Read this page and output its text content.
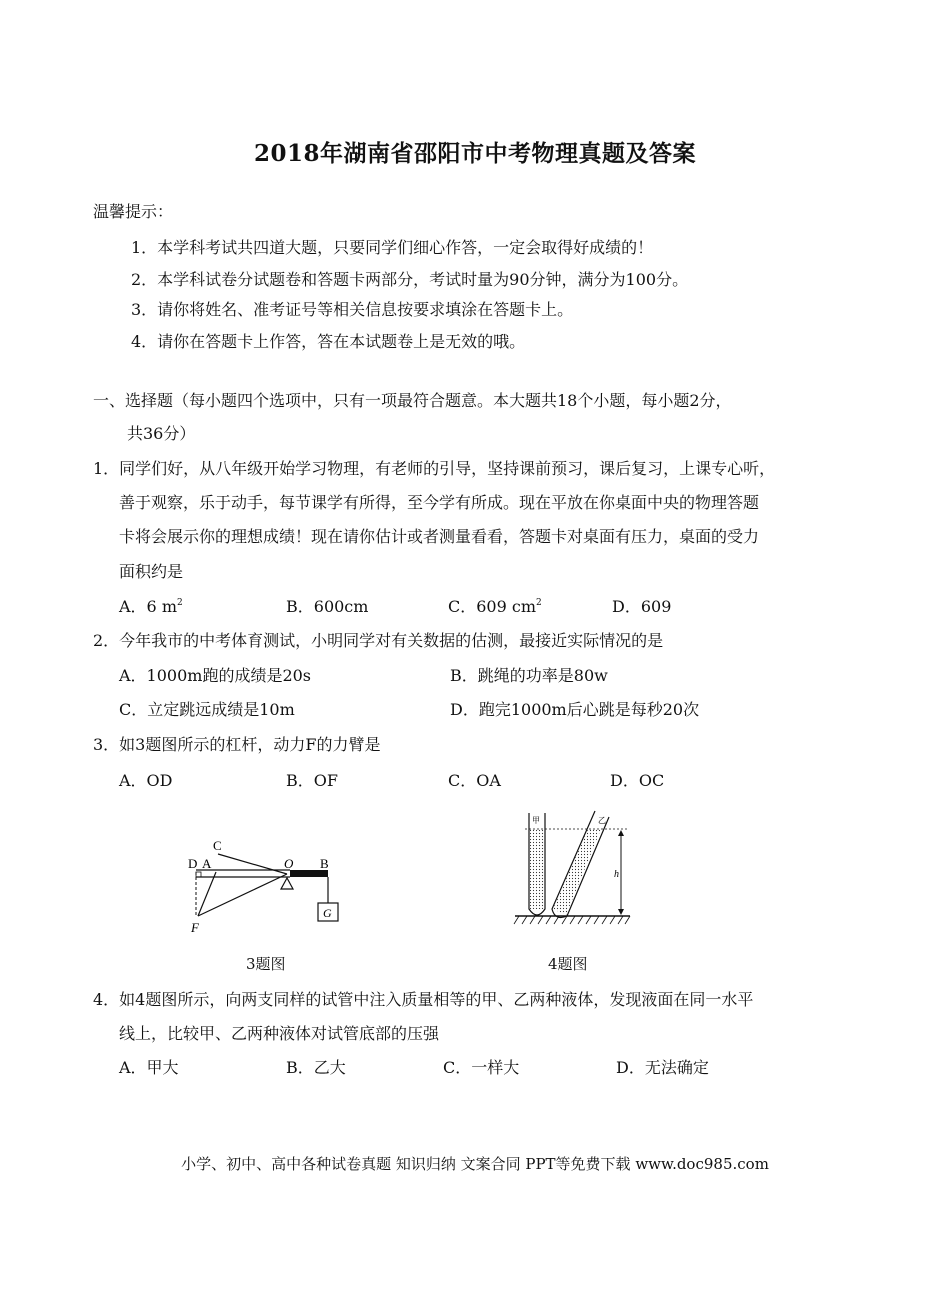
2018年湖南省邵阳市中考物理真题及答案
温馨提示：
1．本学科考试共四道大题，只要同学们细心作答，一定会取得好成绩的！
2．本学科试卷分试题卷和答题卡两部分，考试时量为90分钟，满分为100分。
3．请你将姓名、准考证号等相关信息按要求填涂在答题卡上。
4．请你在答题卡上作答，答在本试题卷上是无效的哦。
一、选择题（每小题四个选项中，只有一项最符合题意。本大题共18个小题，每小题2分，
共36分）
1．同学们好，从八年级开始学习物理，有老师的引导，坚持课前预习，课后复习，上课专心听，
善于观察，乐于动手，每节课学有所得，至今学有所成。现在平放在你桌面中央的物理答题
卡将会展示你的理想成绩！现在请你估计或者测量看看，答题卡对桌面有压力，桌面的受力
面积约是
A．6 $m^2$	B．600cm	C．609 $cm^2$	D．609
2．今年我市的中考体育测试，小明同学对有关数据的估测，最接近实际情况的是
A．1000m跑的成绩是20s	B．跳绳的功率是80w
C．立定跳远成绩是10m	D．跑完1000m后心跳是每秒20次
3．如3题图所示的杠杆，动力F的力臂是
A．OD	B．OF	C．OA	D．OC
D A
C
O B
F
G
3题图
甲	乙
h
4题图
4．如4题图所示，向两支同样的试管中注入质量相等的甲、乙两种液体，发现液面在同一水平
线上，比较甲、乙两种液体对试管底部的压强
A．甲大	B．乙大	C．一样大	D．无法确定
小学、初中、高中各种试卷真题 知识归纳 文案合同 PPT等免费下载 www.doc985.com
